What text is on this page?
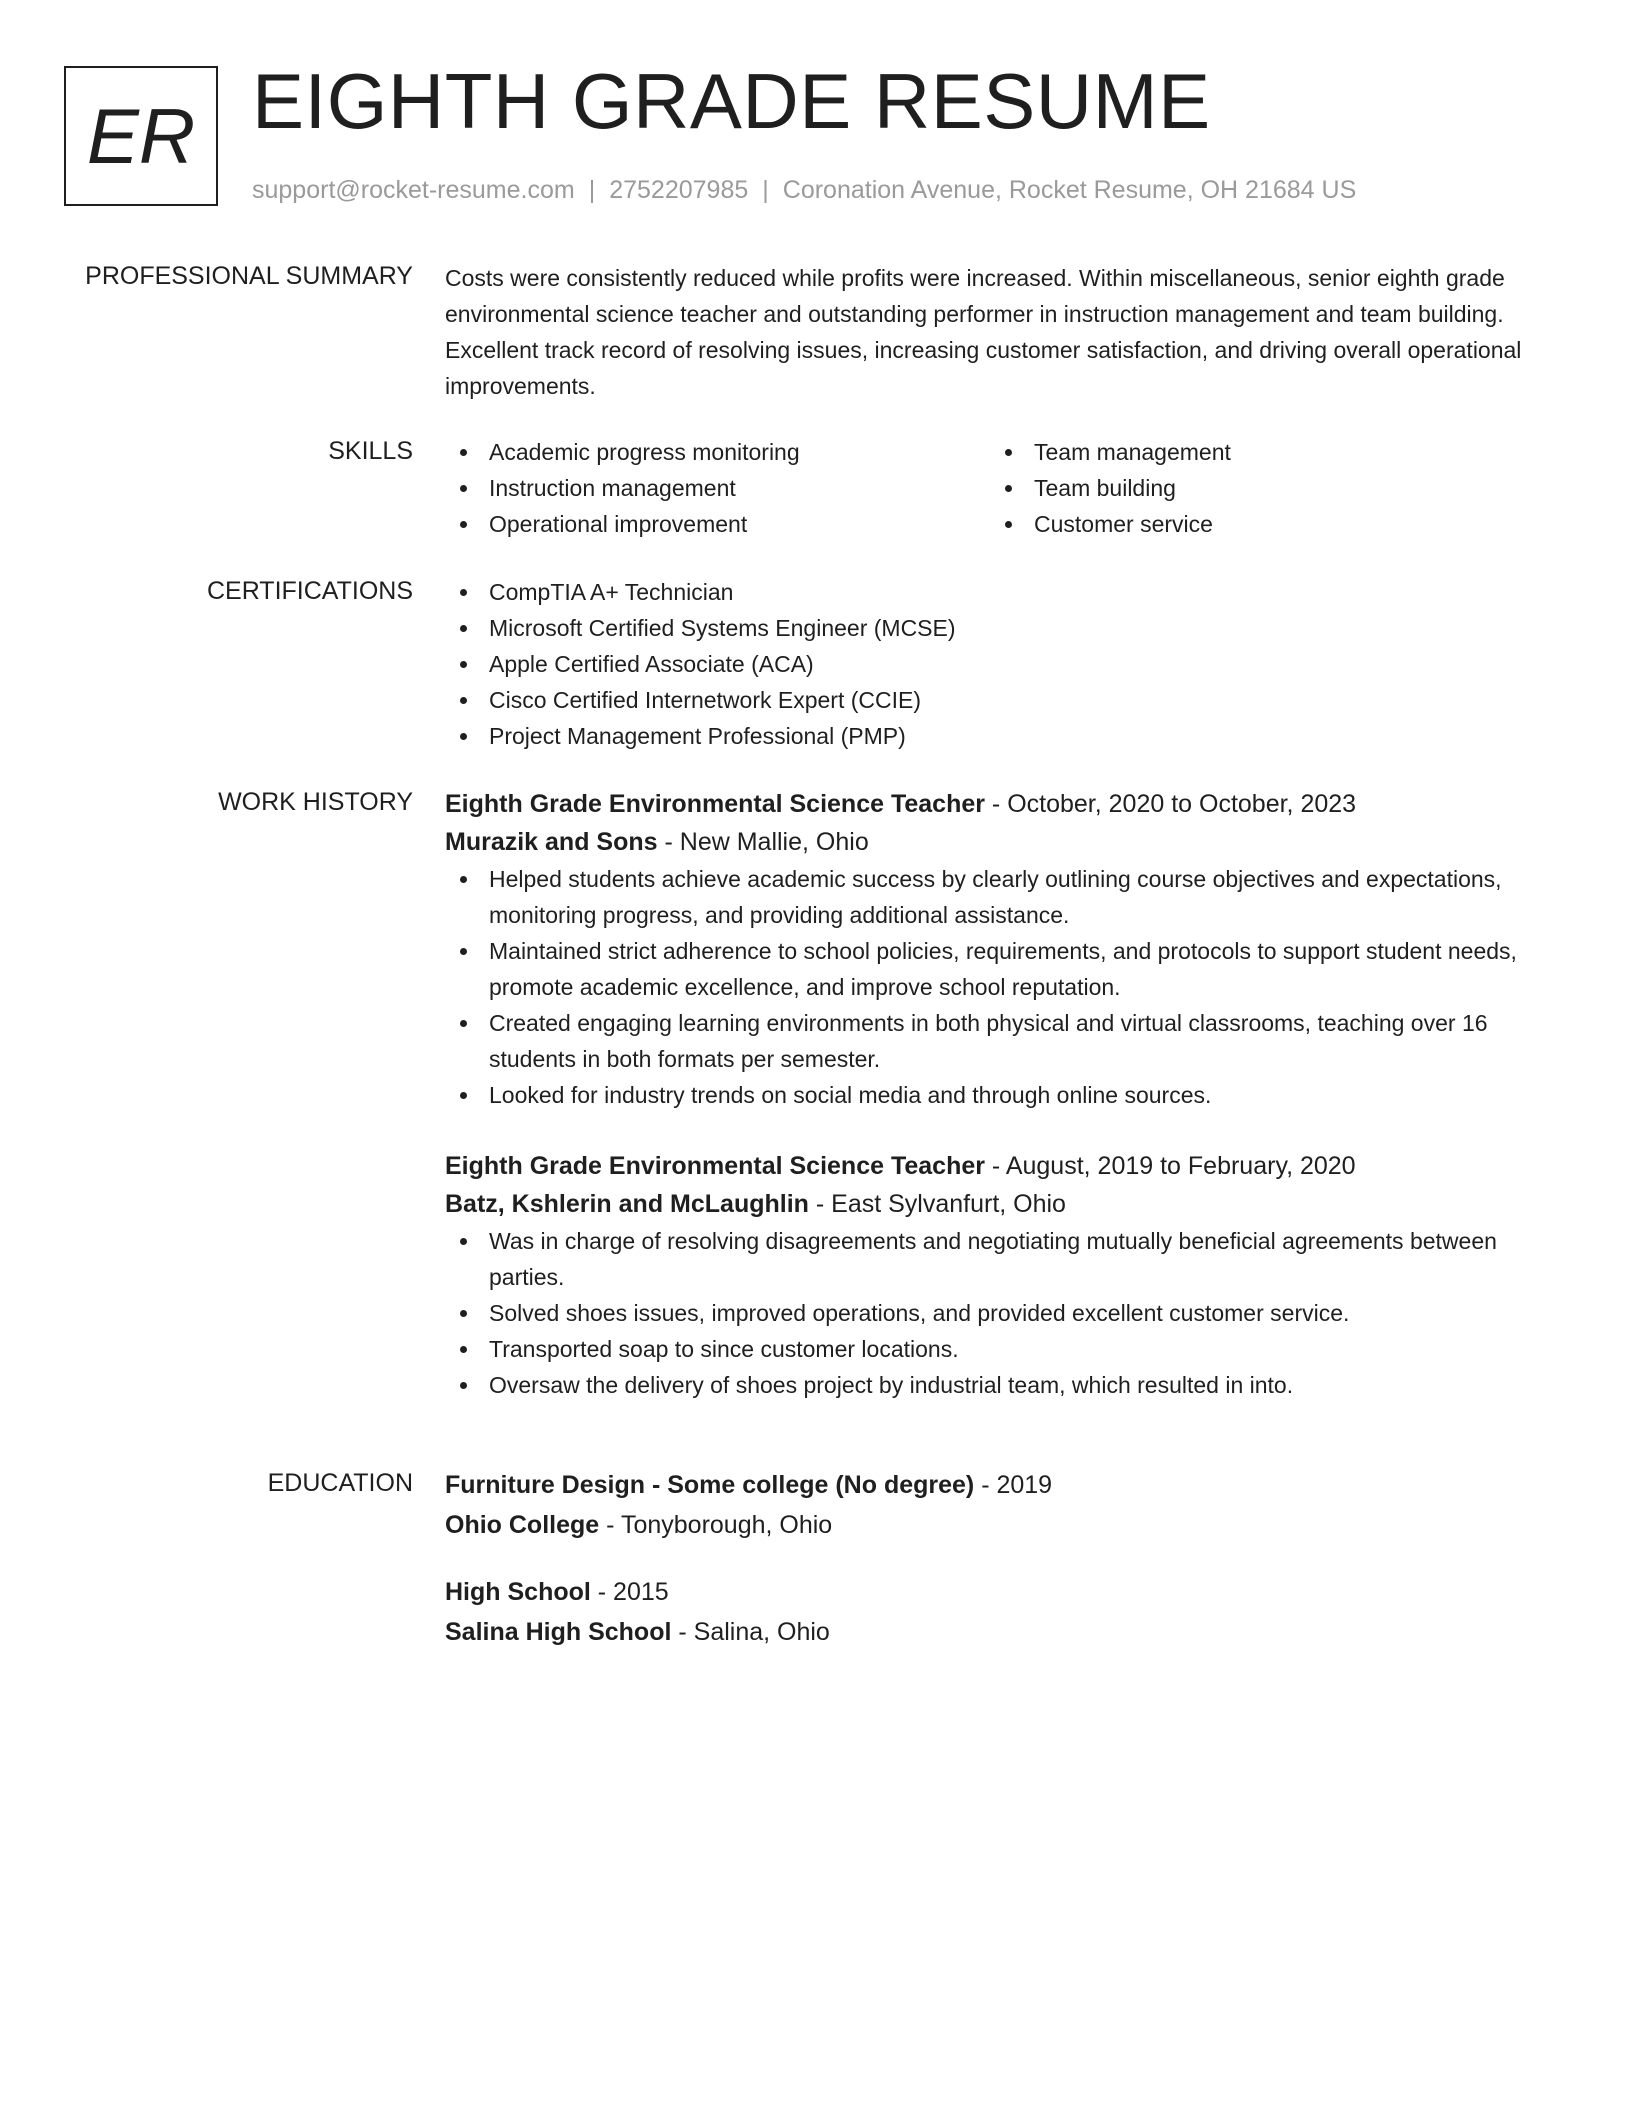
ER EIGHTH GRADE RESUME
support@rocket-resume.com | 2752207985 | Coronation Avenue, Rocket Resume, OH 21684 US
PROFESSIONAL SUMMARY Costs were consistently reduced while profits were increased. Within miscellaneous, senior eighth grade environmental science teacher and outstanding performer in instruction management and team building. Excellent track record of resolving issues, increasing customer satisfaction, and driving overall operational improvements.

SKILLS	Academic progress monitoring
Instruction management
Operational improvement
Team management
Team building
Customer service
CERTIFICATIONS	CompTIA A+ Technician
Microsoft Certified Systems Engineer (MCSE)
Apple Certified Associate (ACA)
Cisco Certified Internetwork Expert (CCIE)
Project Management Professional (PMP)
WORK HISTORY Eighth Grade Environmental Science Teacher - October, 2020 to October, 2023
Murazik and Sons - New Mallie, Ohio
Helped students achieve academic success by clearly outlining course objectives and expectations, monitoring progress, and providing additional assistance.
Maintained strict adherence to school policies, requirements, and protocols to support student needs, promote academic excellence, and improve school reputation.
Created engaging learning environments in both physical and virtual classrooms, teaching over 16 students in both formats per semester.
Looked for industry trends on social media and through online sources.
Eighth Grade Environmental Science Teacher - August, 2019 to February, 2020
Batz, Kshlerin and McLaughlin - East Sylvanfurt, Ohio
Was in charge of resolving disagreements and negotiating mutually beneficial agreements between parties.
Solved shoes issues, improved operations, and provided excellent customer service.
Transported soap to since customer locations.
Oversaw the delivery of shoes project by industrial team, which resulted in into.
EDUCATION Furniture Design - Some college (No degree) - 2019
Ohio College - Tonyborough, Ohio
High School - 2015
Salina High School - Salina, Ohio
